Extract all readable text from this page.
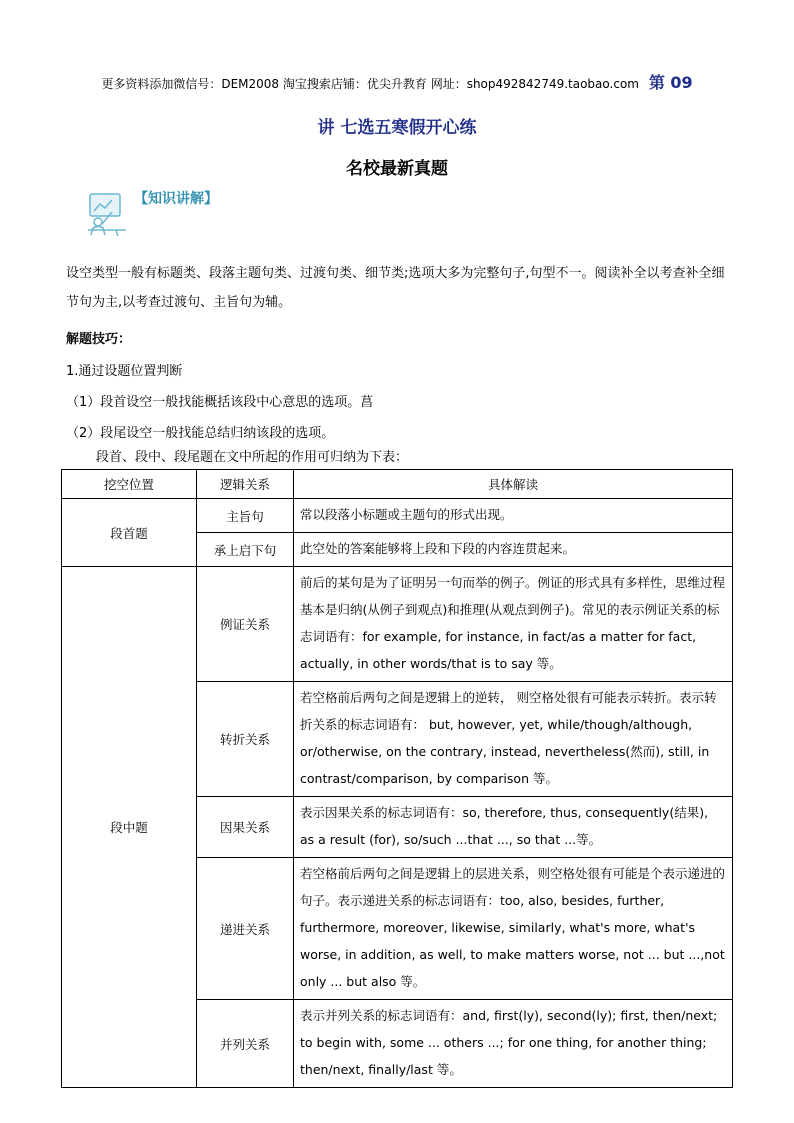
更多资料添加微信号：DEM2008 淘宝搜索店铺：优尖升教育 网址：shop492842749.taobao.com 第 09
讲 七选五寒假开心练
名校最新真题
【知识讲解】
设空类型一般有标题类、段落主题句类、过渡句类、细节类;选项大多为完整句子,句型不一。阅读补全以考查补全细节句为主,以考查过渡句、主旨句为辅。
解题技巧：
1.通过设题位置判断
（1）段首设空一般找能概括该段中心意思的选项。菖
（2）段尾设空一般找能总结归纳该段的选项。
段首、段中、段尾题在文中所起的作用可归纳为下表：
挖空位置	逻辑关系	具体解读
段首题	主旨句	常以段落小标题或主题句的形式出现。
	承上启下句	此空处的答案能够将上段和下段的内容连贯起来。
段中题	例证关系	前后的某句是为了证明另一句而举的例子。例证的形式具有多样性，思维过程基本是归纳(从例子到观点)和推理(从观点到例子)。常见的表示例证关系的标志词语有：for example, for instance, in fact/as a matter for fact, actually, in other words/that is to say 等。
	转折关系	若空格前后两句之间是逻辑上的逆转， 则空格处很有可能表示转折。表示转折关系的标志词语有： but, however, yet, while/though/although, or/otherwise, on the contrary, instead, nevertheless(然而), still, in contrast/comparison, by comparison 等。
	因果关系	表示因果关系的标志词语有：so, therefore, thus, consequently(结果), as a result (for), so/such ...that ..., so that ...等。
	递进关系	若空格前后两句之间是逻辑上的层进关系，则空格处很有可能是个表示递进的句子。表示递进关系的标志词语有：too, also, besides, further, furthermore, moreover, likewise, similarly, what's more, what's worse, in addition, as well, to make matters worse, not ... but ...,not only ... but also 等。
	并列关系	表示并列关系的标志词语有：and, first(ly), second(ly); first, then/next; to begin with, some ... others ...; for one thing, for another thing; then/next, finally/last 等。
